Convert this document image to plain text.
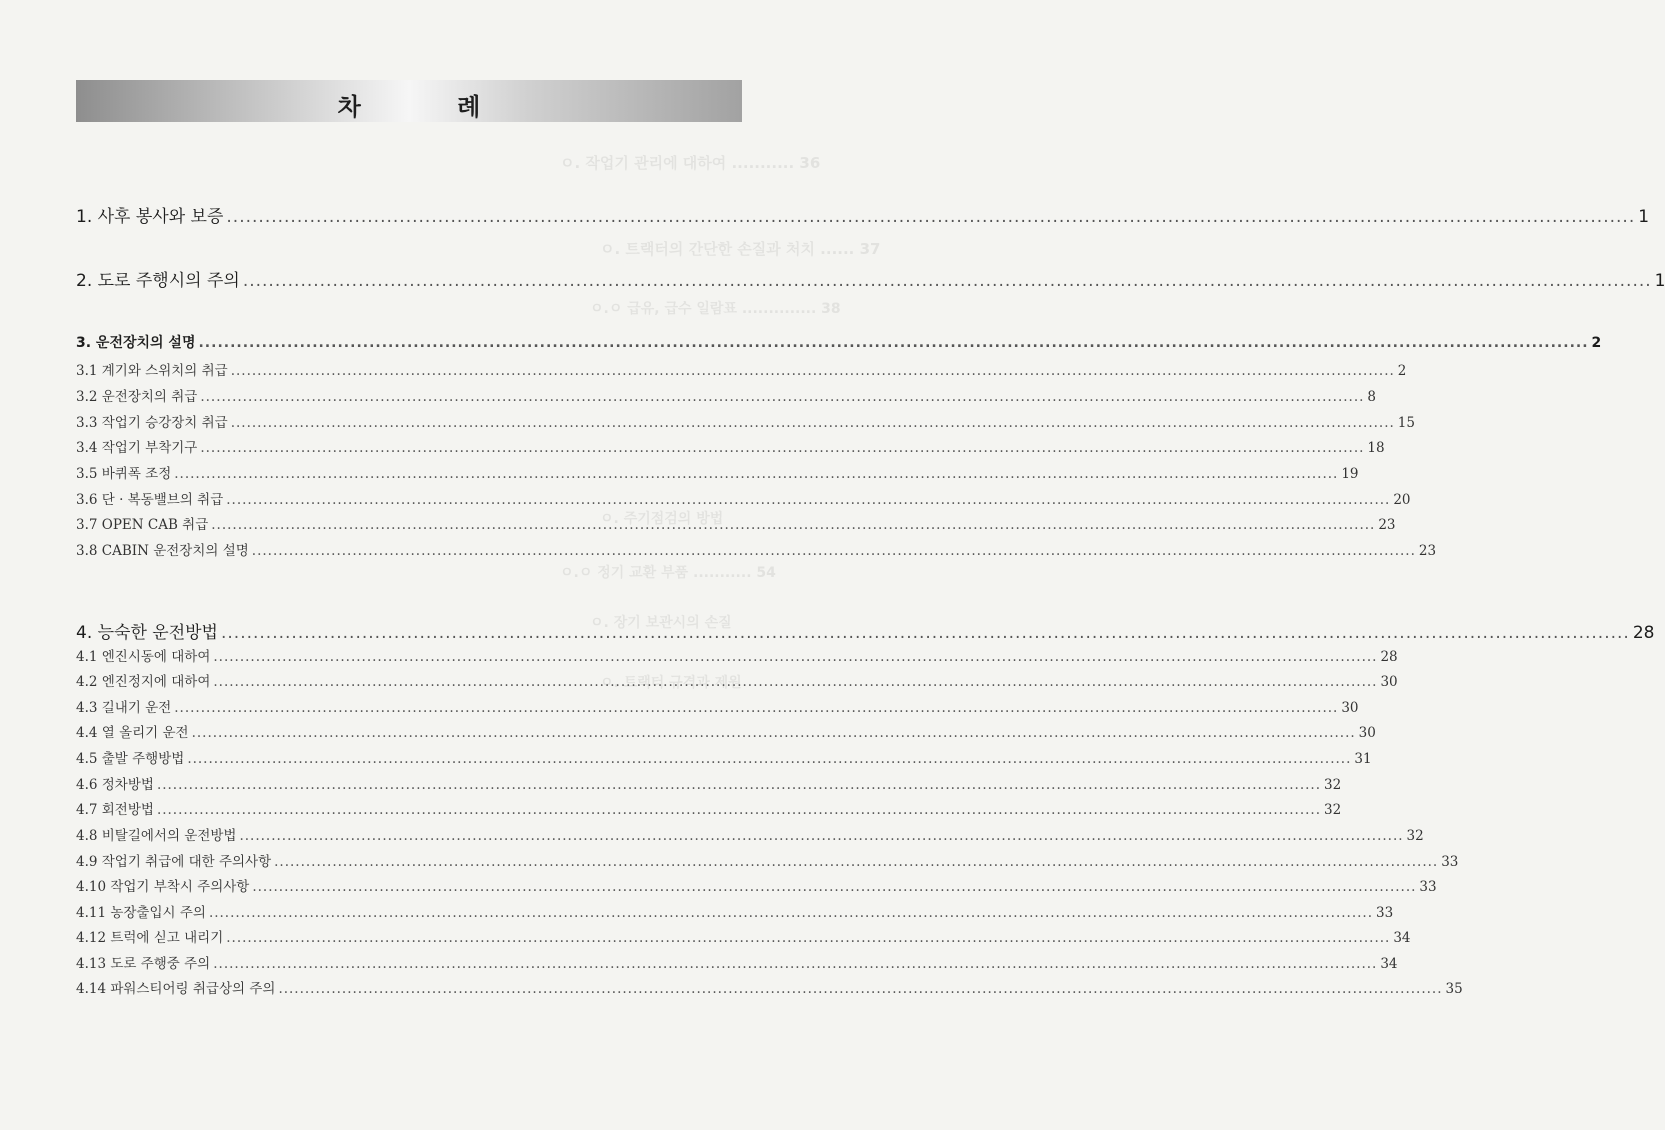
ㅇ. 작업기 관리에 대하여 ........... 36
ㅇ. 트랙터의 간단한 손질과 처치 ...... 37
ㅇ.ㅇ 급유, 급수 일람표 .............. 38
ㅇ. 주기점검의 방법
ㅇ.ㅇ 정기 교환 부품 ........... 54
ㅇ. 장기 보관시의 손질
ㅇ. 트랙터 규격과 제원
차 례
1. 사후 봉사와 보증 .....	1
2. 도로 주행시의 주의 .....	1
3. 운전장치의 설명 .....	2
3.1 계기와 스위치의 취급 .....	2
3.2 운전장치의 취급 .....	8
3.3 작업기 승강장치 취급 .....	15
3.4 작업기 부착기구 .....	18
3.5 바퀴폭 조정 .....	19
3.6 단 · 복동밸브의 취급 .....	20
3.7 OPEN CAB 취급 .....	23
3.8 CABIN 운전장치의 설명 .....	23
4. 능숙한 운전방법 .....	28
4.1 엔진시동에 대하여 .....	28
4.2 엔진정지에 대하여 .....	30
4.3 길내기 운전 .....	30
4.4 열 올리기 운전 .....	30
4.5 출발 주행방법 .....	31
4.6 정차방법 .....	32
4.7 회전방법 .....	32
4.8 비탈길에서의 운전방법 .....	32
4.9 작업기 취급에 대한 주의사항 .....	33
4.10 작업기 부착시 주의사항 .....	33
4.11 농장출입시 주의 .....	33
4.12 트럭에 싣고 내리기 .....	34
4.13 도로 주행중 주의 .....	34
4.14 파워스티어링 취급상의 주의 .....	35
